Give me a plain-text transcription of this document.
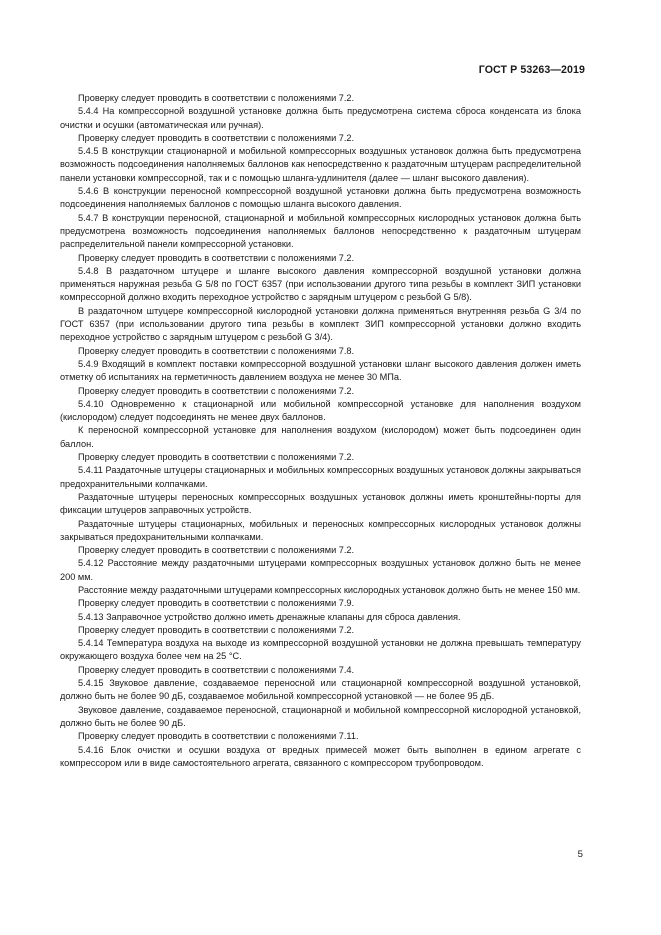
ГОСТ Р 53263—2019

Проверку следует проводить в соответствии с положениями 7.2.

5.4.4 На компрессорной воздушной установке должна быть предусмотрена система сброса конденсата из блока очистки и осушки (автоматическая или ручная).

Проверку следует проводить в соответствии с положениями 7.2.

5.4.5 В конструкции стационарной и мобильной компрессорных воздушных установок должна быть предусмотрена возможность подсоединения наполняемых баллонов как непосредственно к раздаточным штуцерам распределительной панели установки компрессорной, так и с помощью шланга-удлинителя (далее — шланг высокого давления).

5.4.6 В конструкции переносной компрессорной воздушной установки должна быть предусмотрена возможность подсоединения наполняемых баллонов с помощью шланга высокого давления.

5.4.7 В конструкции переносной, стационарной и мобильной компрессорных кислородных установок должна быть предусмотрена возможность подсоединения наполняемых баллонов непосредственно к раздаточным штуцерам распределительной панели компрессорной установки.

Проверку следует проводить в соответствии с положениями 7.2.

5.4.8 В раздаточном штуцере и шланге высокого давления компрессорной воздушной установки должна применяться наружная резьба G 5/8 по ГОСТ 6357 (при использовании другого типа резьбы в комплект ЗИП установки компрессорной должно входить переходное устройство с зарядным штуцером с резьбой G 5/8).

В раздаточном штуцере компрессорной кислородной установки должна применяться внутренняя резьба G 3/4 по ГОСТ 6357 (при использовании другого типа резьбы в комплект ЗИП компрессорной установки должно входить переходное устройство с зарядным штуцером с резьбой G 3/4).

Проверку следует проводить в соответствии с положениями 7.8.

5.4.9 Входящий в комплект поставки компрессорной воздушной установки шланг высокого давления должен иметь отметку об испытаниях на герметичность давлением воздуха не менее 30 МПа.

Проверку следует проводить в соответствии с положениями 7.2.

5.4.10 Одновременно к стационарной или мобильной компрессорной установке для наполнения воздухом (кислородом) следует подсоединять не менее двух баллонов.

К переносной компрессорной установке для наполнения воздухом (кислородом) может быть подсоединен один баллон.

Проверку следует проводить в соответствии с положениями 7.2.

5.4.11 Раздаточные штуцеры стационарных и мобильных компрессорных воздушных установок должны закрываться предохранительными колпачками.

Раздаточные штуцеры переносных компрессорных воздушных установок должны иметь кронштейны-порты для фиксации штуцеров заправочных устройств.

Раздаточные штуцеры стационарных, мобильных и переносных компрессорных кислородных установок должны закрываться предохранительными колпачками.

Проверку следует проводить в соответствии с положениями 7.2.

5.4.12 Расстояние между раздаточными штуцерами компрессорных воздушных установок должно быть не менее 200 мм.

Расстояние между раздаточными штуцерами компрессорных кислородных установок должно быть не менее 150 мм.

Проверку следует проводить в соответствии с положениями 7.9.

5.4.13 Заправочное устройство должно иметь дренажные клапаны для сброса давления.

Проверку следует проводить в соответствии с положениями 7.2.

5.4.14 Температура воздуха на выходе из компрессорной воздушной установки не должна превышать температуру окружающего воздуха более чем на 25 °С.

Проверку следует проводить в соответствии с положениями 7.4.

5.4.15 Звуковое давление, создаваемое переносной или стационарной компрессорной воздушной установкой, должно быть не более 90 дБ, создаваемое мобильной компрессорной установкой — не более 95 дБ.

Звуковое давление, создаваемое переносной, стационарной и мобильной компрессорной кислородной установкой, должно быть не более 90 дБ.

Проверку следует проводить в соответствии с положениями 7.11.

5.4.16 Блок очистки и осушки воздуха от вредных примесей может быть выполнен в едином агрегате с компрессором или в виде самостоятельного агрегата, связанного с компрессором трубопроводом.

5
